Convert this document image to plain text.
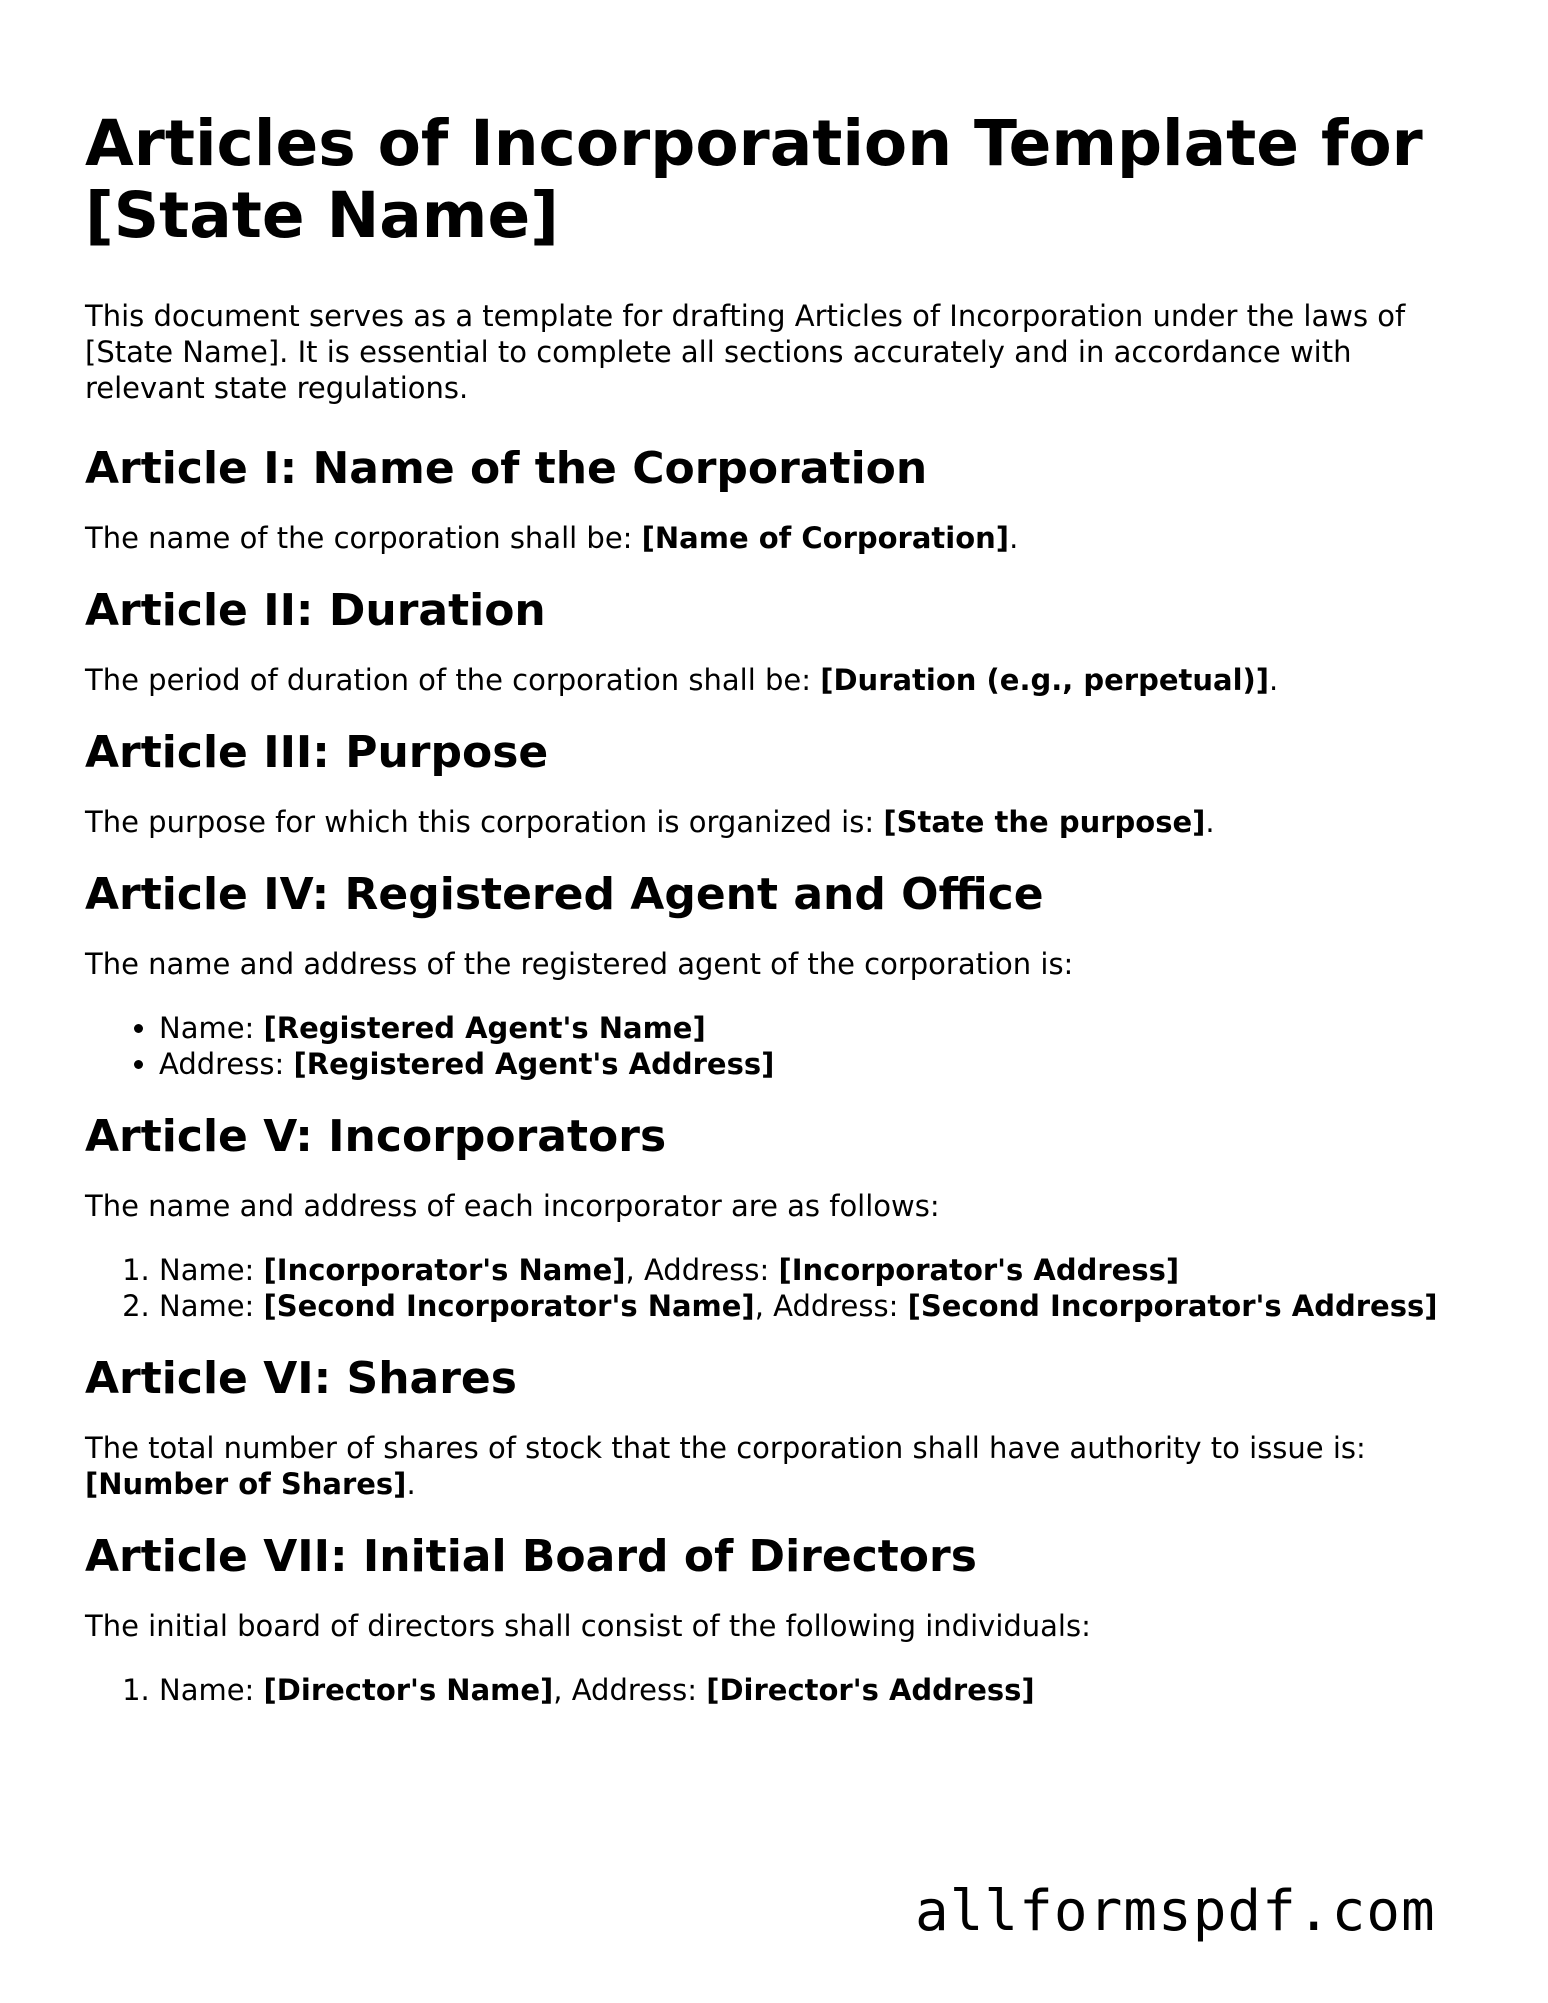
Articles of Incorporation Template for [State Name]

This document serves as a template for drafting Articles of Incorporation under the laws of [State Name]. It is essential to complete all sections accurately and in accordance with relevant state regulations.

Article I: Name of the Corporation

The name of the corporation shall be: [Name of Corporation].

Article II: Duration

The period of duration of the corporation shall be: [Duration (e.g., perpetual)].

Article III: Purpose

The purpose for which this corporation is organized is: [State the purpose].

Article IV: Registered Agent and Office

The name and address of the registered agent of the corporation is:

• Name: [Registered Agent's Name]
• Address: [Registered Agent's Address]
Article V: Incorporators

The name and address of each incorporator are as follows:

1. Name: [Incorporator's Name], Address: [Incorporator's Address]
2. Name: [Second Incorporator's Name], Address: [Second Incorporator's Address]
Article VI: Shares

The total number of shares of stock that the corporation shall have authority to issue is: [Number of Shares].

Article VII: Initial Board of Directors

The initial board of directors shall consist of the following individuals:

1. Name: [Director's Name], Address: [Director's Address]
allformspdf.com
